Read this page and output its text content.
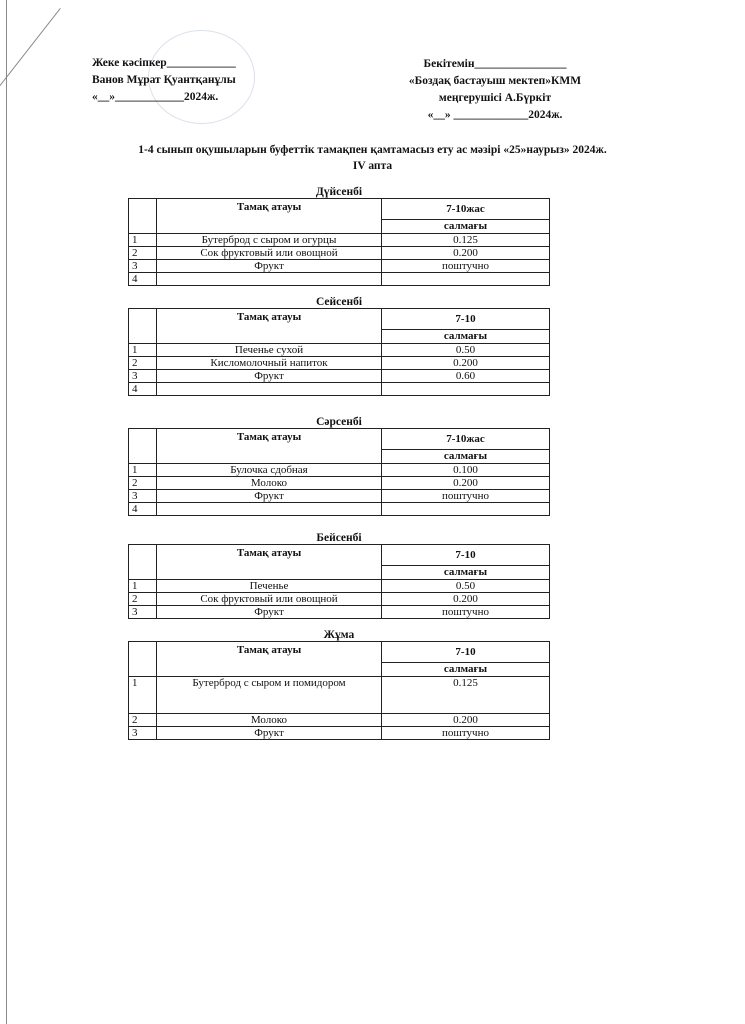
Жеке кәсіпкер____________
Ванов Мұрат Қуантқанұлы
«__»____________2024ж.
Бекітемін________________
«Боздақ бастауыш мектеп»КММ
меңгерушісі А.Бүркіт
«__» _____________2024ж.
1-4 сынып оқушыларын буфеттік тамақпен қамтамасыз ету ас мәзірі «25»наурыз» 2024ж.
IV апта
Дүйсенбі
	Тамақ атауы	7-10жас
		салмағы
1	Бутерброд с сыром и огурцы	0.125
2	Сок фруктовый или овощной	0.200
3	Фрукт	поштучно
4		
Сейсенбі
	Тамақ атауы	7-10
		салмағы
1	Печенье сухой	0.50
2	Кисломолочный напиток	0.200
3	Фрукт	0.60
4		
Сәрсенбі
	Тамақ атауы	7-10жас
		салмағы
1	Булочка сдобная	0.100
2	Молоко	0.200
3	Фрукт	поштучно
4		
Бейсенбі
	Тамақ атауы	7-10
		салмағы
1	Печенье	0.50
2	Сок фруктовый или овощной	0.200
3	Фрукт	поштучно
Жұма
	Тамақ атауы	7-10
		салмағы
1	Бутерброд с сыром и помидором	0.125
2	Молоко	0.200
3	Фрукт	поштучно
